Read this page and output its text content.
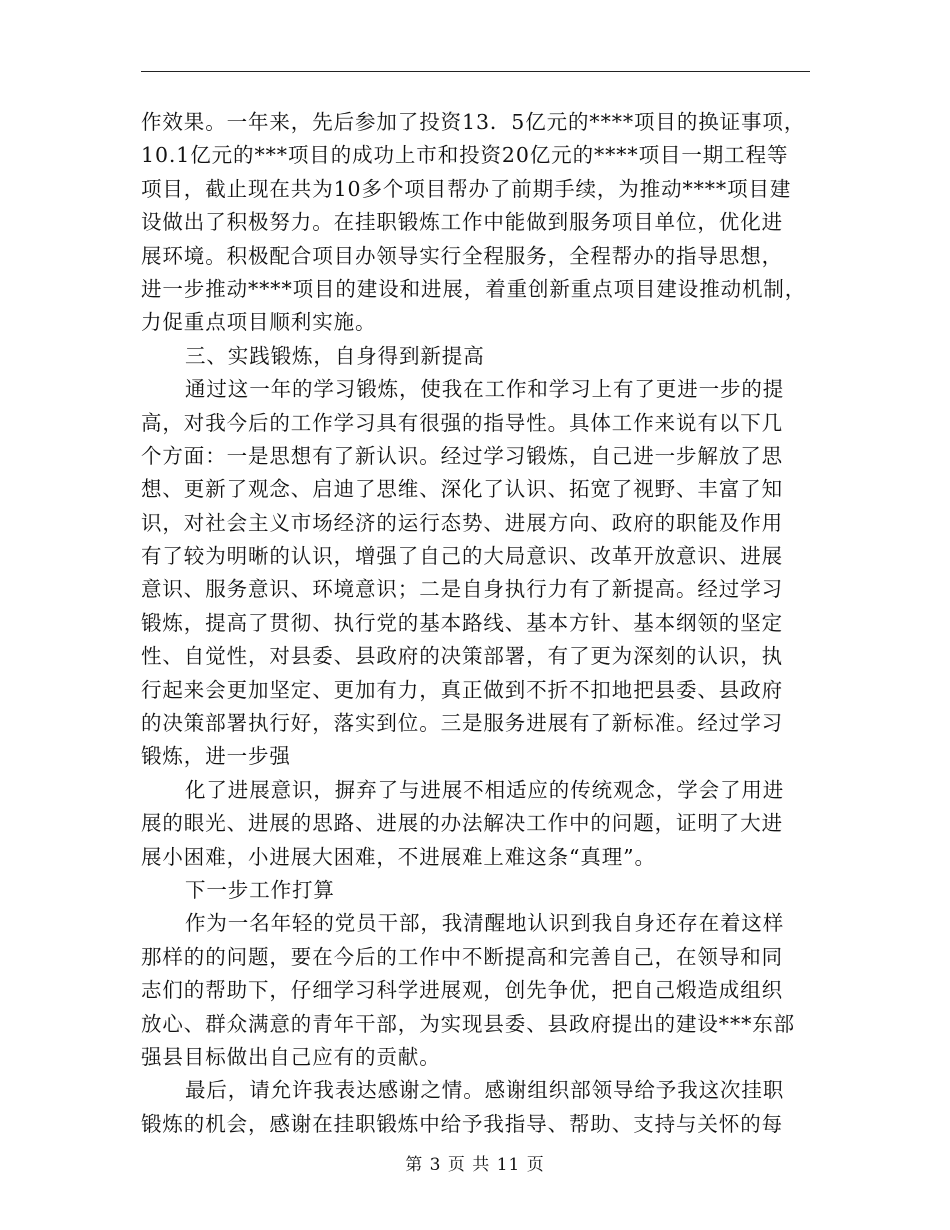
作效果。一年来，先后参加了投资13．5亿元的****项目的换证事项，
10.1亿元的***项目的成功上市和投资20亿元的****项目一期工程等
项目，截止现在共为10多个项目帮办了前期手续，为推动****项目建
设做出了积极努力。在挂职锻炼工作中能做到服务项目单位，优化进
展环境。积极配合项目办领导实行全程服务，全程帮办的指导思想，
进一步推动****项目的建设和进展，着重创新重点项目建设推动机制，
力促重点项目顺利实施。
三、实践锻炼，自身得到新提高
通过这一年的学习锻炼，使我在工作和学习上有了更进一步的提
高，对我今后的工作学习具有很强的指导性。具体工作来说有以下几
个方面：一是思想有了新认识。经过学习锻炼，自己进一步解放了思
想、更新了观念、启迪了思维、深化了认识、拓宽了视野、丰富了知
识，对社会主义市场经济的运行态势、进展方向、政府的职能及作用
有了较为明晰的认识，增强了自己的大局意识、改革开放意识、进展
意识、服务意识、环境意识；二是自身执行力有了新提高。经过学习
锻炼，提高了贯彻、执行党的基本路线、基本方针、基本纲领的坚定
性、自觉性，对县委、县政府的决策部署，有了更为深刻的认识，执
行起来会更加坚定、更加有力，真正做到不折不扣地把县委、县政府
的决策部署执行好，落实到位。三是服务进展有了新标准。经过学习
锻炼，进一步强
化了进展意识，摒弃了与进展不相适应的传统观念，学会了用进
展的眼光、进展的思路、进展的办法解决工作中的问题，证明了大进
展小困难，小进展大困难，不进展难上难这条“真理”。
下一步工作打算
作为一名年轻的党员干部，我清醒地认识到我自身还存在着这样
那样的的问题，要在今后的工作中不断提高和完善自己，在领导和同
志们的帮助下，仔细学习科学进展观，创先争优，把自己煅造成组织
放心、群众满意的青年干部，为实现县委、县政府提出的建设***东部
强县目标做出自己应有的贡献。
最后，请允许我表达感谢之情。感谢组织部领导给予我这次挂职
锻炼的机会，感谢在挂职锻炼中给予我指导、帮助、支持与关怀的每
第 3 页 共 11 页
